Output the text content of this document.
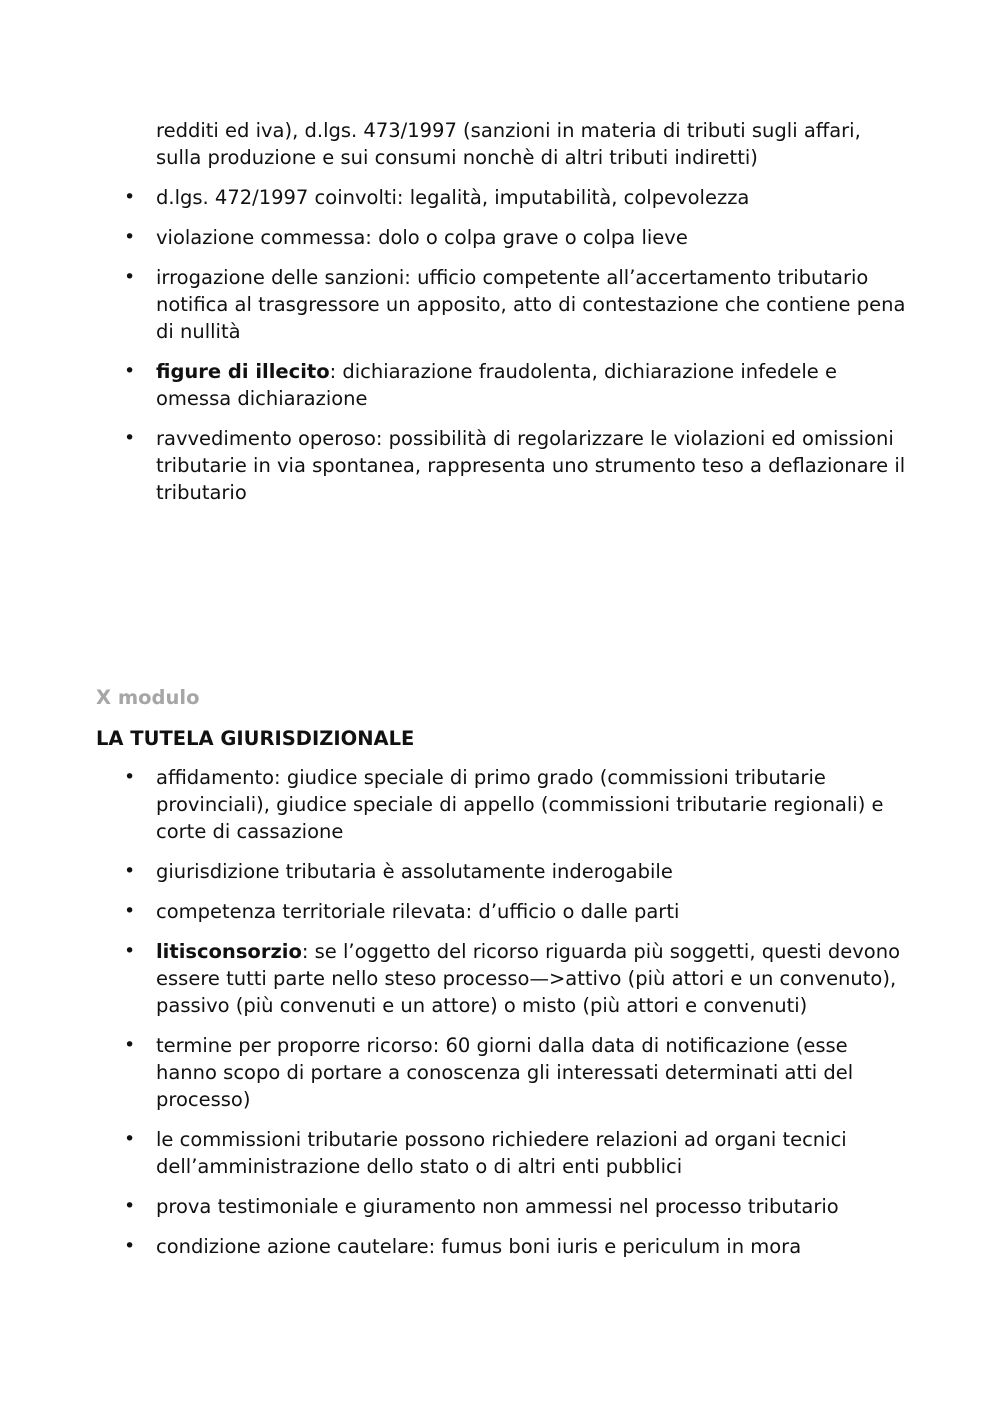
redditi ed iva), d.lgs. 473/1997 (sanzioni in materia di tributi sugli affari, sulla produzione e sui consumi nonchè di altri tributi indiretti)
• d.lgs. 472/1997 coinvolti: legalità, imputabilità, colpevolezza
• violazione commessa: dolo o colpa grave o colpa lieve
• irrogazione delle sanzioni: ufficio competente all’accertamento tributario notifica al trasgressore un apposito, atto di contestazione che contiene pena di nullità
• figure di illecito: dichiarazione fraudolenta, dichiarazione infedele e omessa dichiarazione
• ravvedimento operoso: possibilità di regolarizzare le violazioni ed omissioni tributarie in via spontanea, rappresenta uno strumento teso a deflazionare il tributario
X modulo
LA TUTELA GIURISDIZIONALE
• affidamento: giudice speciale di primo grado (commissioni tributarie provinciali), giudice speciale di appello (commissioni tributarie regionali) e corte di cassazione
• giurisdizione tributaria è assolutamente inderogabile
• competenza territoriale rilevata: d’ufficio o dalle parti
• litisconsorzio: se l’oggetto del ricorso riguarda più soggetti, questi devono essere tutti parte nello steso processo—>attivo (più attori e un convenuto), passivo (più convenuti e un attore) o misto (più attori e convenuti)
• termine per proporre ricorso: 60 giorni dalla data di notificazione (esse hanno scopo di portare a conoscenza gli interessati determinati atti del processo)
• le commissioni tributarie possono richiedere relazioni ad organi tecnici dell’amministrazione dello stato o di altri enti pubblici
• prova testimoniale e giuramento non ammessi nel processo tributario
• condizione azione cautelare: fumus boni iuris e periculum in mora
